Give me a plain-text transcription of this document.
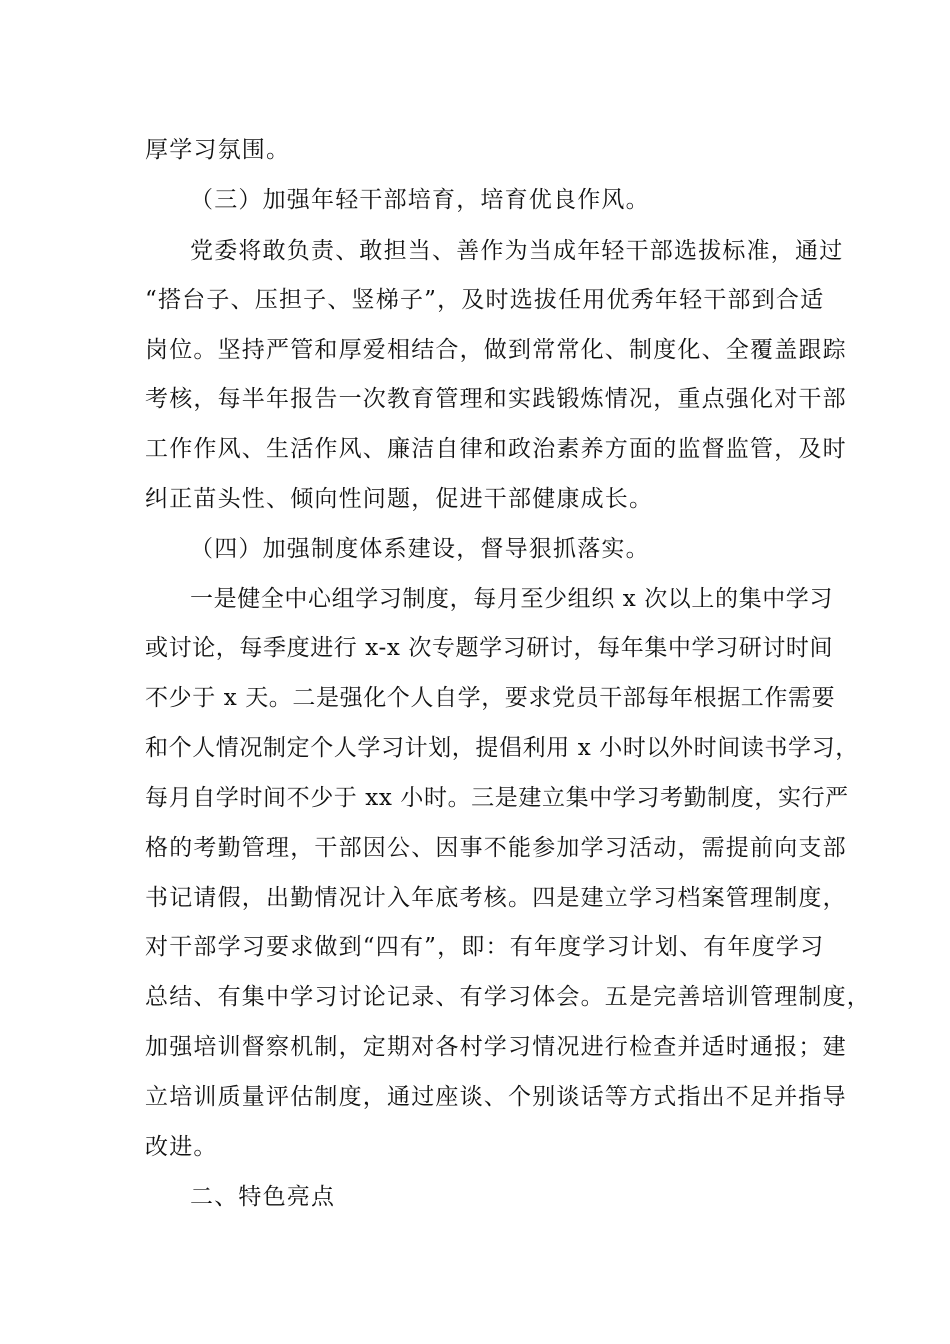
厚学习氛围。
（三）加强年轻干部培育，培育优良作风。
党委将敢负责、敢担当、善作为当成年轻干部选拔标准，通过
“搭台子、压担子、竖梯子”，及时选拔任用优秀年轻干部到合适
岗位。坚持严管和厚爱相结合，做到常常化、制度化、全覆盖跟踪
考核，每半年报告一次教育管理和实践锻炼情况，重点强化对干部
工作作风、生活作风、廉洁自律和政治素养方面的监督监管，及时
纠正苗头性、倾向性问题，促进干部健康成长。
（四）加强制度体系建设，督导狠抓落实。
一是健全中心组学习制度，每月至少组织 x 次以上的集中学习
或讨论，每季度进行 x-x 次专题学习研讨，每年集中学习研讨时间
不少于 x 天。二是强化个人自学，要求党员干部每年根据工作需要
和个人情况制定个人学习计划，提倡利用 x 小时以外时间读书学习，
每月自学时间不少于 xx 小时。三是建立集中学习考勤制度，实行严
格的考勤管理，干部因公、因事不能参加学习活动，需提前向支部
书记请假，出勤情况计入年底考核。四是建立学习档案管理制度，
对干部学习要求做到“四有”，即：有年度学习计划、有年度学习
总结、有集中学习讨论记录、有学习体会。五是完善培训管理制度，
加强培训督察机制，定期对各村学习情况进行检查并适时通报；建
立培训质量评估制度，通过座谈、个别谈话等方式指出不足并指导
改进。
二、特色亮点
